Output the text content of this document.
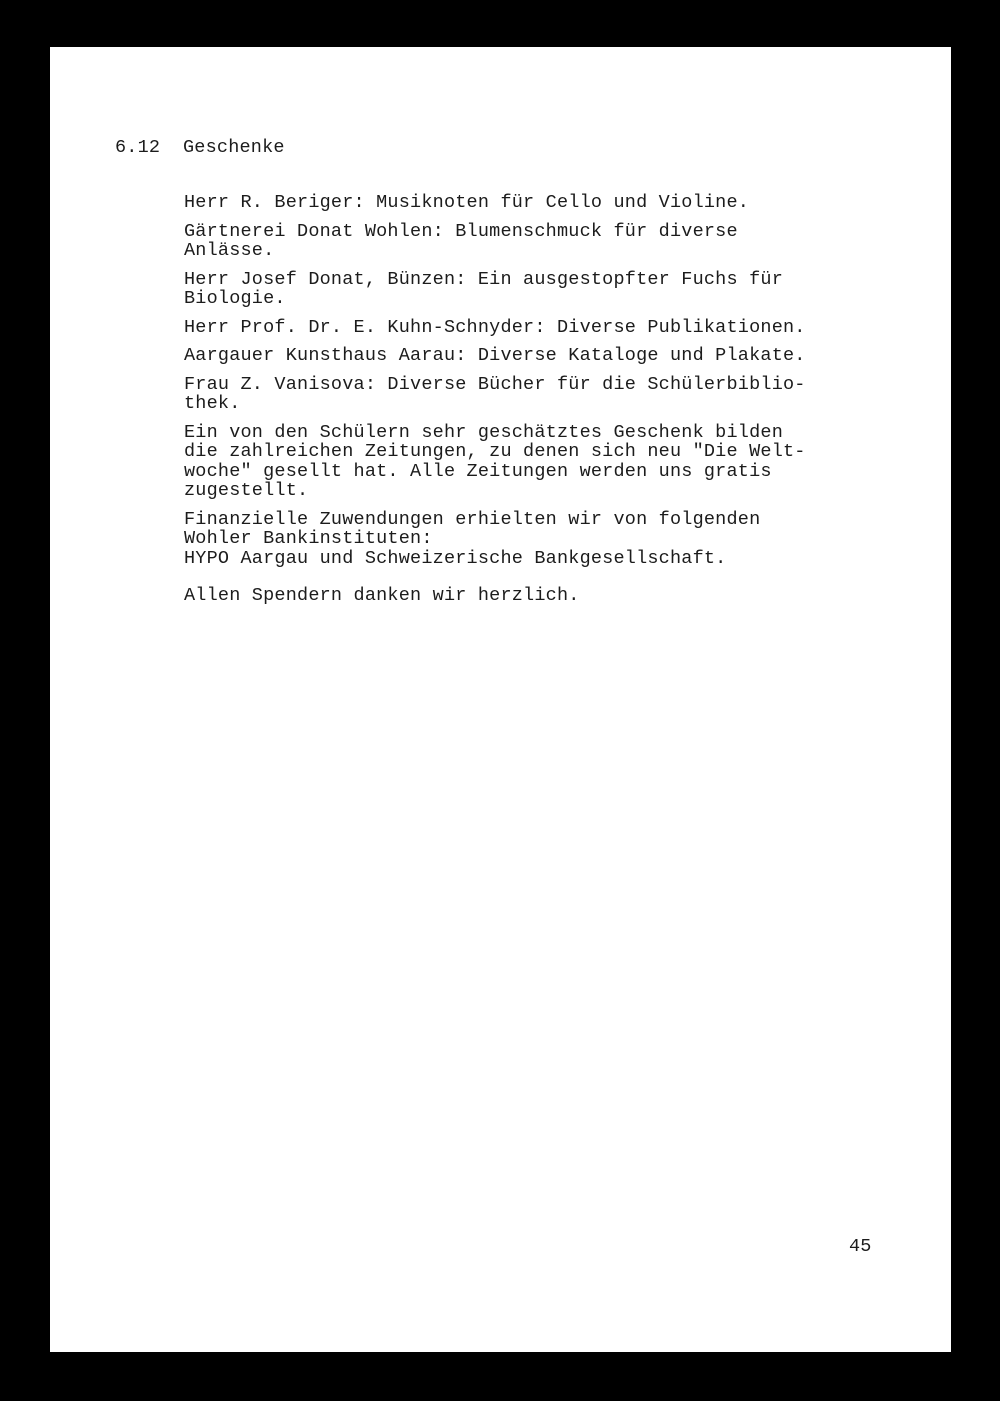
6.12 Geschenke
Herr R. Beriger: Musiknoten für Cello und Violine.
Gärtnerei Donat Wohlen: Blumenschmuck für diverse
Anlässe.
Herr Josef Donat, Bünzen: Ein ausgestopfter Fuchs für
Biologie.
Herr Prof. Dr. E. Kuhn-Schnyder: Diverse Publikationen.
Aargauer Kunsthaus Aarau: Diverse Kataloge und Plakate.
Frau Z. Vanisova: Diverse Bücher für die Schülerbiblio-
thek.
Ein von den Schülern sehr geschätztes Geschenk bilden
die zahlreichen Zeitungen, zu denen sich neu "Die Welt-
woche" gesellt hat. Alle Zeitungen werden uns gratis
zugestellt.
Finanzielle Zuwendungen erhielten wir von folgenden
Wohler Bankinstituten:
HYPO Aargau und Schweizerische Bankgesellschaft.
Allen Spendern danken wir herzlich.
45
